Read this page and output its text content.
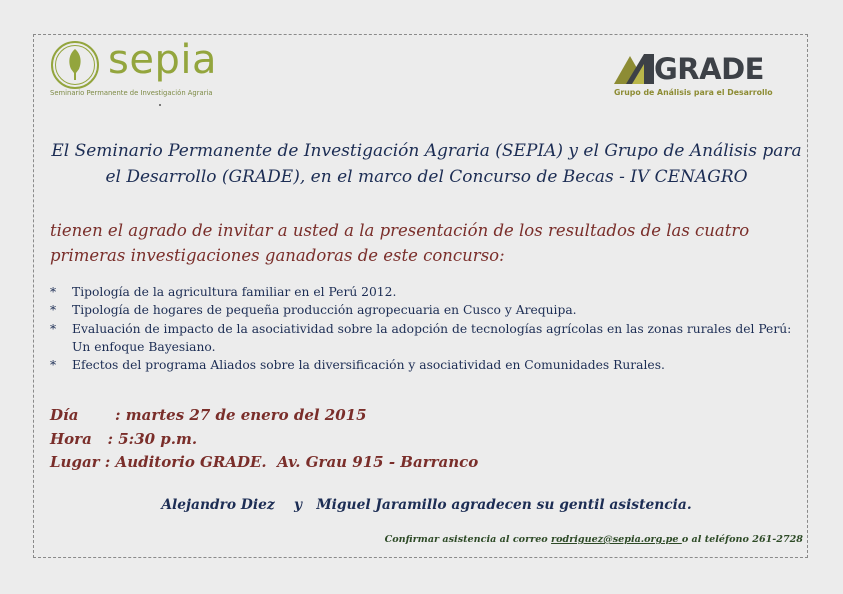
sepia
Seminario Permanente de Investigación Agraria
GRADE
Grupo de Análisis para el Desarrollo
El Seminario Permanente de Investigación Agraria (SEPIA) y el Grupo de Análisis para el Desarrollo (GRADE), en el marco del Concurso de Becas - IV CENAGRO
tienen el agrado de invitar a usted a la presentación de los resultados de las cuatro primeras investigaciones ganadoras de este concurso:
* Tipología de la agricultura familiar en el Perú 2012.
* Tipología de hogares de pequeña producción agropecuaria en Cusco y Arequipa.
* Evaluación de impacto de la asociatividad sobre la adopción de tecnologías agrícolas en las zonas rurales del Perú: Un enfoque Bayesiano.
* Efectos del programa Aliados sobre la diversificación y asociatividad en Comunidades Rurales.
Día       : martes 27 de enero del 2015
Hora   : 5:30 p.m.
Lugar : Auditorio GRADE.  Av. Grau 915 - Barranco
Alejandro Diez    y   Miguel Jaramillo agradecen su gentil asistencia.
Confirmar asistencia al correo rodriguez@sepia.org.pe o al teléfono 261-2728
